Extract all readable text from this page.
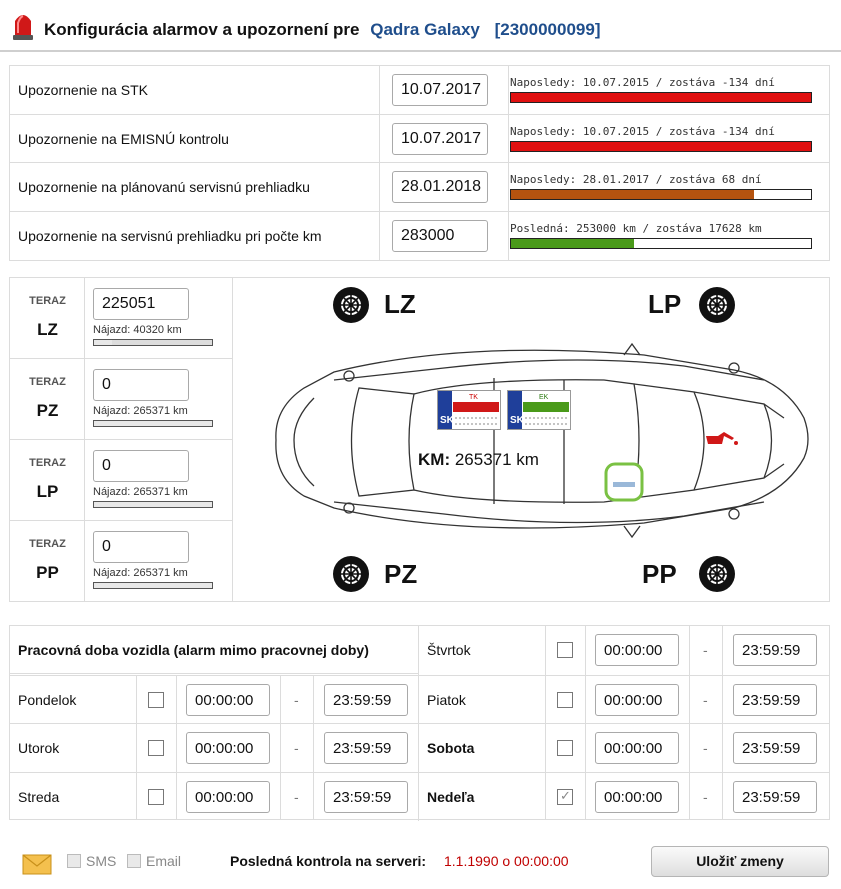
Konfigurácia alarmov a upozornení pre Qadra Galaxy [2300000099]
Upozornenie na STK	10.07.2017	Naposledy: 10.07.2015 / zostáva -134 dní
Upozornenie na EMISNÚ kontrolu	10.07.2017	Naposledy: 10.07.2015 / zostáva -134 dní
Upozornenie na plánovanú servisnú prehliadku	28.01.2018	Naposledy: 28.01.2017 / zostáva 68 dní
Upozornenie na servisnú prehliadku pri počte km	283000	Posledná: 253000 km / zostáva 17628 km
TERAZ
LZ
225051
Nájazd: 40320 km
TERAZ
PZ
0
Nájazd: 265371 km
TERAZ
LP
0
Nájazd: 265371 km
TERAZ
PP
0
Nájazd: 265371 km
LZ	LP
PZ	PP
SK
TK
SK
EK
KM: 265371 km
Pracovná doba vozidla (alarm mimo pracovnej doby)
Pondelok	00:00:00	-	23:59:59
Utorok	00:00:00	-	23:59:59
Streda	00:00:00	-	23:59:59
Štvrtok	00:00:00	-	23:59:59
Piatok	00:00:00	-	23:59:59
Sobota	00:00:00	-	23:59:59
Nedeľa
✓	00:00:00	-	23:59:59
SMS Email	Posledná kontrola na serveri: 1.1.1990 o 00:00:00	Uložiť zmeny
